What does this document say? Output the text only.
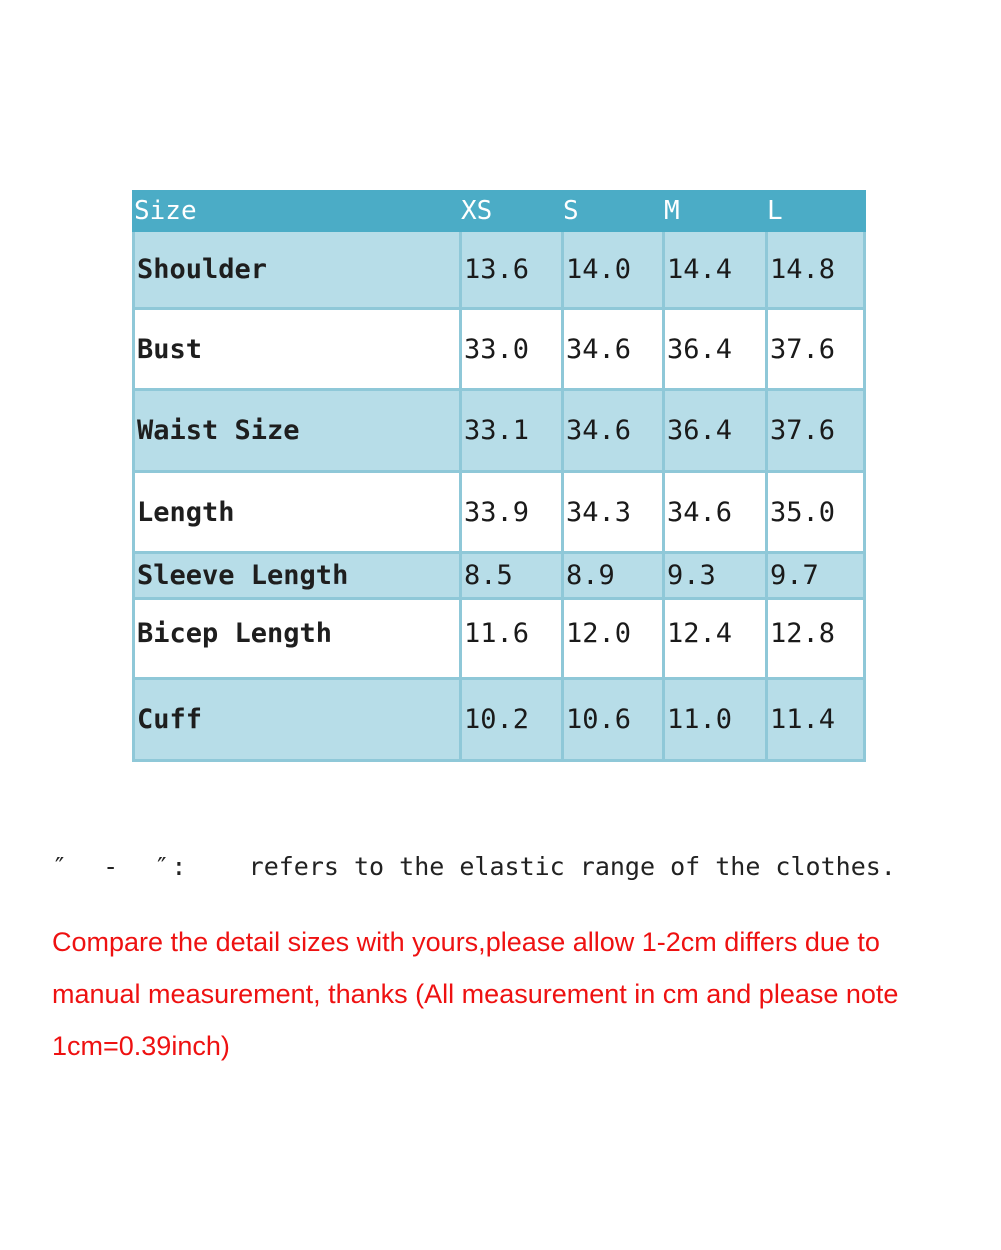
Size	XS	S	M	L
Shoulder	13.6	14.0	14.4	14.8
Bust	33.0	34.6	36.4	37.6
Waist Size	33.1	34.6	36.4	37.6
Length	33.9	34.3	34.6	35.0
Sleeve Length	8.5	8.9	9.3	9.7
Bicep Length	11.6	12.0	12.4	12.8
Cuff	10.2	10.6	11.0	11.4
″  -  ″: refers to the elastic range of the clothes.
Compare the detail sizes with yours,please allow 1-2cm differs due to manual measurement, thanks (All measurement in cm and please note 1cm=0.39inch)
